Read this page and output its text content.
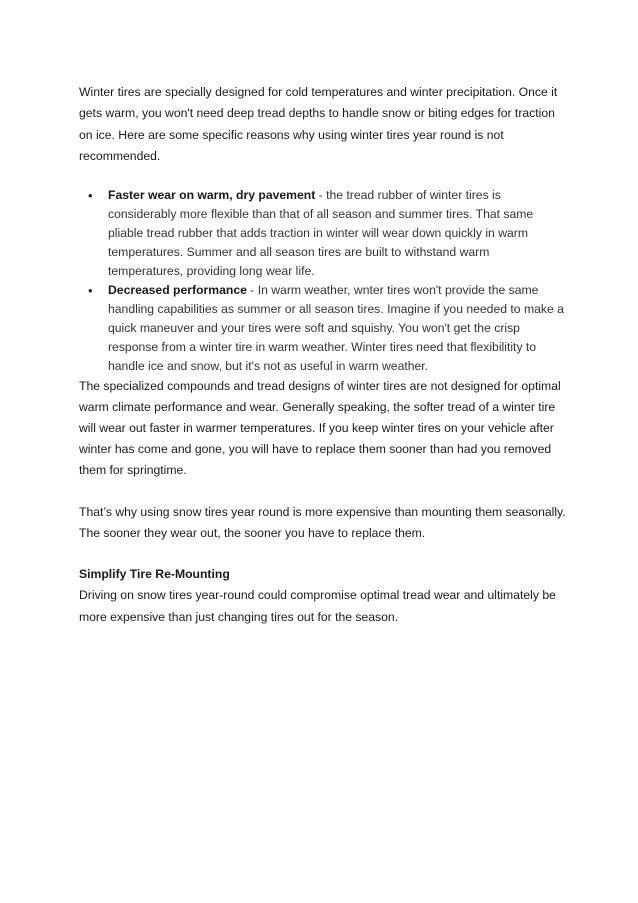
Winter tires are specially designed for cold temperatures and winter precipitation. Once it gets warm, you won't need deep tread depths to handle snow or biting edges for traction on ice. Here are some specific reasons why using winter tires year round is not recommended.

• Faster wear on warm, dry pavement - the tread rubber of winter tires is considerably more flexible than that of all season and summer tires. That same pliable tread rubber that adds traction in winter will wear down quickly in warm temperatures. Summer and all season tires are built to withstand warm temperatures, providing long wear life.
• Decreased performance - In warm weather, wnter tires won't provide the same handling capabilities as summer or all season tires. Imagine if you needed to make a quick maneuver and your tires were soft and squishy. You won't get the crisp response from a winter tire in warm weather. Winter tires need that flexibilitity to handle ice and snow, but it's not as useful in warm weather.

The specialized compounds and tread designs of winter tires are not designed for optimal warm climate performance and wear. Generally speaking, the softer tread of a winter tire will wear out faster in warmer temperatures. If you keep winter tires on your vehicle after winter has come and gone, you will have to replace them sooner than had you removed them for springtime.

That’s why using snow tires year round is more expensive than mounting them seasonally. The sooner they wear out, the sooner you have to replace them.

Simplify Tire Re-Mounting

Driving on snow tires year-round could compromise optimal tread wear and ultimately be more expensive than just changing tires out for the season.
